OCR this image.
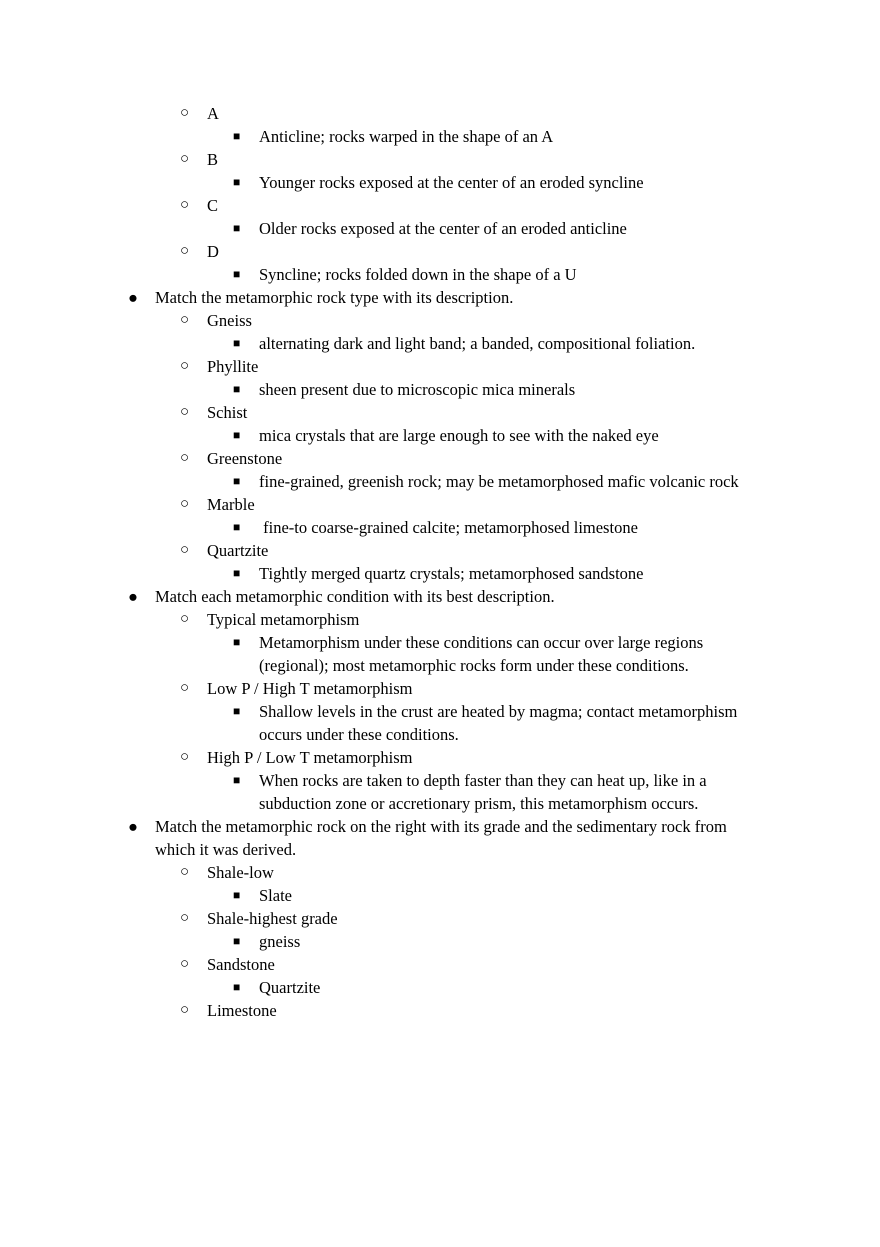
○ A
■ Anticline; rocks warped in the shape of an A
○ B
■ Younger rocks exposed at the center of an eroded syncline
○ C
■ Older rocks exposed at the center of an eroded anticline
○ D
■ Syncline; rocks folded down in the shape of a U
● Match the metamorphic rock type with its description.
○ Gneiss
■ alternating dark and light band; a banded, compositional foliation.
○ Phyllite
■ sheen present due to microscopic mica minerals
○ Schist
■ mica crystals that are large enough to see with the naked eye
○ Greenstone
■ fine-grained, greenish rock; may be metamorphosed mafic volcanic rock
○ Marble
■ fine-to coarse-grained calcite; metamorphosed limestone
○ Quartzite
■ Tightly merged quartz crystals; metamorphosed sandstone
● Match each metamorphic condition with its best description.
○ Typical metamorphism
■ Metamorphism under these conditions can occur over large regions
(regional); most metamorphic rocks form under these conditions.
○ Low P / High T metamorphism
■ Shallow levels in the crust are heated by magma; contact metamorphism
occurs under these conditions.
○ High P / Low T metamorphism
■ When rocks are taken to depth faster than they can heat up, like in a
subduction zone or accretionary prism, this metamorphism occurs.
● Match the metamorphic rock on the right with its grade and the sedimentary rock from
which it was derived.
○ Shale-low
■ Slate
○ Shale-highest grade
■ gneiss
○ Sandstone
■ Quartzite
○ Limestone
